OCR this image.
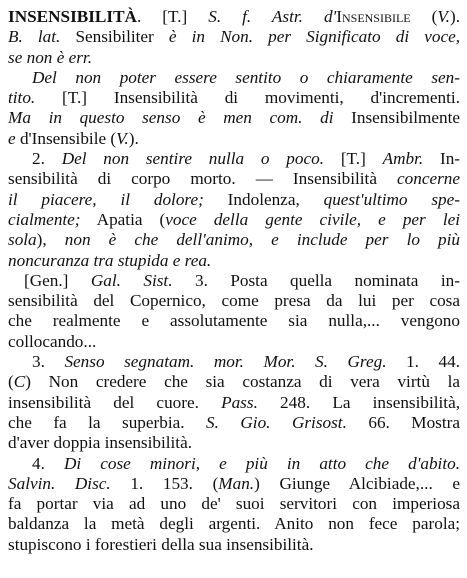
INSENSIBILITÀ. [T.] S. f. Astr. d'Insensibile (V.).
B. lat. Sensibiliter è in Non. per Significato di voce,
se non è err.
Del non poter essere sentito o chiaramente sen-
tito. [T.] Insensibilità di movimenti, d'incrementi.
Ma in questo senso è men com. di Insensibilmente
e d'Insensibile (V.).
2. Del non sentire nulla o poco. [T.] Ambr. In-
sensibilità di corpo morto. — Insensibilità concerne
il piacere, il dolore; Indolenza, quest'ultimo spe-
cialmente; Apatia (voce della gente civile, e per lei
sola), non è che dell'animo, e include per lo più
noncuranza tra stupida e rea.
[Gen.] Gal. Sist. 3. Posta quella nominata in-
sensibilità del Copernico, come presa da lui per cosa
che realmente e assolutamente sia nulla,... vengono
collocando...
3. Senso segnatam. mor. Mor. S. Greg. 1. 44.
(C) Non credere che sia costanza di vera virtù la
insensibilità del cuore. Pass. 248. La insensibilità,
che fa la superbia. S. Gio. Grisost. 66. Mostra
d'aver doppia insensibilità.
4. Di cose minori, e più in atto che d'abito.
Salvin. Disc. 1. 153. (Man.) Giunge Alcibiade,... e
fa portar via ad uno de' suoi servitori con imperiosa
baldanza la metà degli argenti. Anito non fece parola;
stupiscono i forestieri della sua insensibilità.
